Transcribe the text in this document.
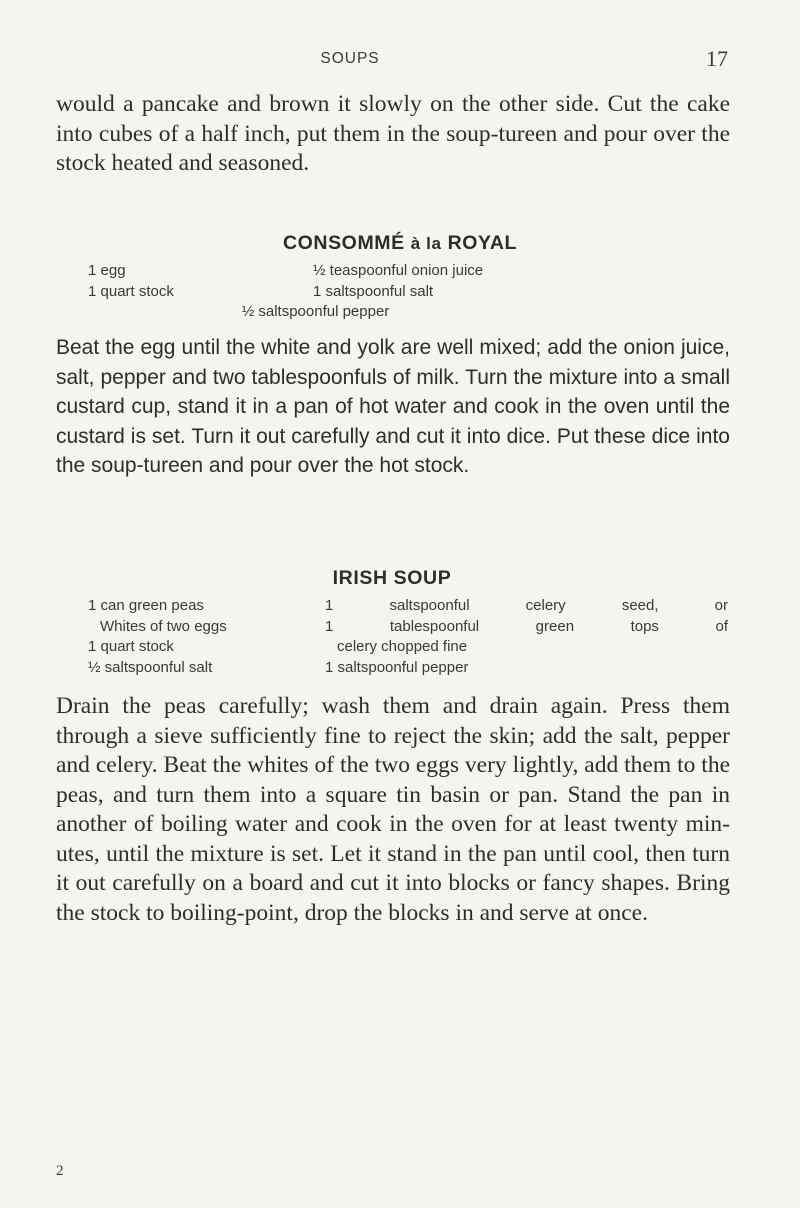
SOUPS	17

would a pancake and brown it slowly on the other side. Cut the cake into cubes of a half inch, put them in the soup-tureen and pour over the stock heated and seasoned.

CONSOMMÉ à la ROYAL
1 egg
1 quart stock
½ teaspoonful onion juice
1 saltspoonful salt
½ saltspoonful pepper

Beat the egg until the white and yolk are well mixed; add the onion juice, salt, pepper and two tablespoonfuls of milk. Turn the mixture into a small custard cup, stand it in a pan of hot water and cook in the oven until the custard is set. Turn it out carefully and cut it into dice. Put these dice into the soup-tureen and pour over the hot stock.

IRISH SOUP
1 can green peas
Whites of two eggs
1 quart stock
½ saltspoonful salt
1 saltspoonful celery seed, or
1 tablespoonful green tops of
celery chopped fine
1 saltspoonful pepper

Drain the peas carefully; wash them and drain again. Press them through a sieve sufficiently fine to reject the skin; add the salt, pepper and celery. Beat the whites of the two eggs very lightly, add them to the peas, and turn them into a square tin basin or pan. Stand the pan in another of boiling water and cook in the oven for at least twenty min- utes, until the mixture is set. Let it stand in the pan until cool, then turn it out carefully on a board and cut it into blocks or fancy shapes. Bring the stock to boiling-point, drop the blocks in and serve at once.

2
